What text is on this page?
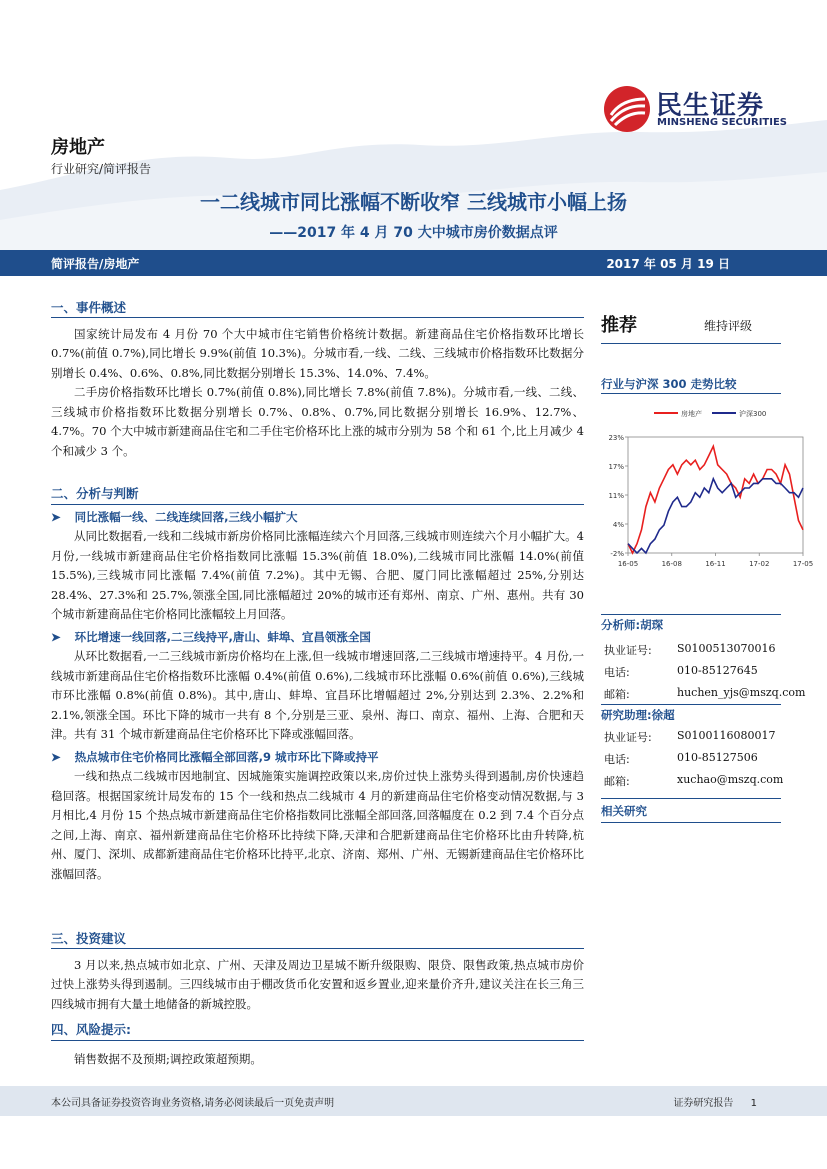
民生证券
MINSHENG SECURITIES
房地产
行业研究/简评报告
一二线城市同比涨幅不断收窄 三线城市小幅上扬
——2017 年 4 月 70 大中城市房价数据点评
简评报告/房地产	2017 年 05 月 19 日
一、事件概述

国家统计局发布 4 月份 70 个大中城市住宅销售价格统计数据。新建商品住宅价格指数环比增长 0.7%(前值 0.7%),同比增长 9.9%(前值 10.3%)。分城市看,一线、二线、三线城市价格指数环比数据分别增长 0.4%、0.6%、0.8%,同比数据分别增长 15.3%、14.0%、7.4%。

二手房价格指数环比增长 0.7%(前值 0.8%),同比增长 7.8%(前值 7.8%)。分城市看,一线、二线、三线城市价格指数环比数据分别增长 0.7%、0.8%、0.7%,同比数据分别增长 16.9%、12.7%、4.7%。70 个大中城市新建商品住宅和二手住宅价格环比上涨的城市分别为 58 个和 61 个,比上月减少 4 个和减少 3 个。

二、分析与判断
➤ 同比涨幅一线、二线连续回落,三线小幅扩大

从同比数据看,一线和二线城市新房价格同比涨幅连续六个月回落,三线城市则连续六个月小幅扩大。4 月份,一线城市新建商品住宅价格指数同比涨幅 15.3%(前值 18.0%),二线城市同比涨幅 14.0%(前值 15.5%),三线城市同比涨幅 7.4%(前值 7.2%)。其中无锡、合肥、厦门同比涨幅超过 25%,分别达 28.4%、27.3%和 25.7%,领涨全国,同比涨幅超过 20%的城市还有郑州、南京、广州、惠州。共有 30 个城市新建商品住宅价格同比涨幅较上月回落。

➤ 环比增速一线回落,二三线持平,唐山、蚌埠、宜昌领涨全国

从环比数据看,一二三线城市新房价格均在上涨,但一线城市增速回落,二三线城市增速持平。4 月份,一线城市新建商品住宅价格指数环比涨幅 0.4%(前值 0.6%),二线城市环比涨幅 0.6%(前值 0.6%),三线城市环比涨幅 0.8%(前值 0.8%)。其中,唐山、蚌埠、宜昌环比增幅超过 2%,分别达到 2.3%、2.2%和 2.1%,领涨全国。环比下降的城市一共有 8 个,分别是三亚、泉州、海口、南京、福州、上海、合肥和天津。共有 31 个城市新建商品住宅价格环比下降或涨幅回落。

➤ 热点城市住宅价格同比涨幅全部回落,9 城市环比下降或持平

一线和热点二线城市因地制宜、因城施策实施调控政策以来,房价过快上涨势头得到遏制,房价快速趋稳回落。根据国家统计局发布的 15 个一线和热点二线城市 4 月的新建商品住宅价格变动情况数据,与 3 月相比,4 月份 15 个热点城市新建商品住宅价格指数同比涨幅全部回落,回落幅度在 0.2 到 7.4 个百分点之间,上海、南京、福州新建商品住宅价格环比持续下降,天津和合肥新建商品住宅价格环比由升转降,杭州、厦门、深圳、成都新建商品住宅价格环比持平,北京、济南、郑州、广州、无锡新建商品住宅价格环比涨幅回落。

三、投资建议

3 月以来,热点城市如北京、广州、天津及周边卫星城不断升级限购、限贷、限售政策,热点城市房价过快上涨势头得到遏制。三四线城市由于棚改货币化安置和返乡置业,迎来量价齐升,建议关注在长三角三四线城市拥有大量土地储备的新城控股。

四、风险提示:

销售数据不及预期;调控政策超预期。

推荐	维持评级
行业与沪深 300 走势比较
-2%
4%
11%
17%
23%
16-05	16-08	16-11	17-02	17-05
房地产	沪深300
分析师:胡琛
执业证号: S0100513070016
电话:	010-85127645
邮箱:	huchen_yjs@mszq.com
研究助理:徐超
执业证号: S0100116080017
电话:	010-85127506
邮箱:	xuchao@mszq.com
相关研究
本公司具备证券投资咨询业务资格,请务必阅读最后一页免责声明	证券研究报告 1
